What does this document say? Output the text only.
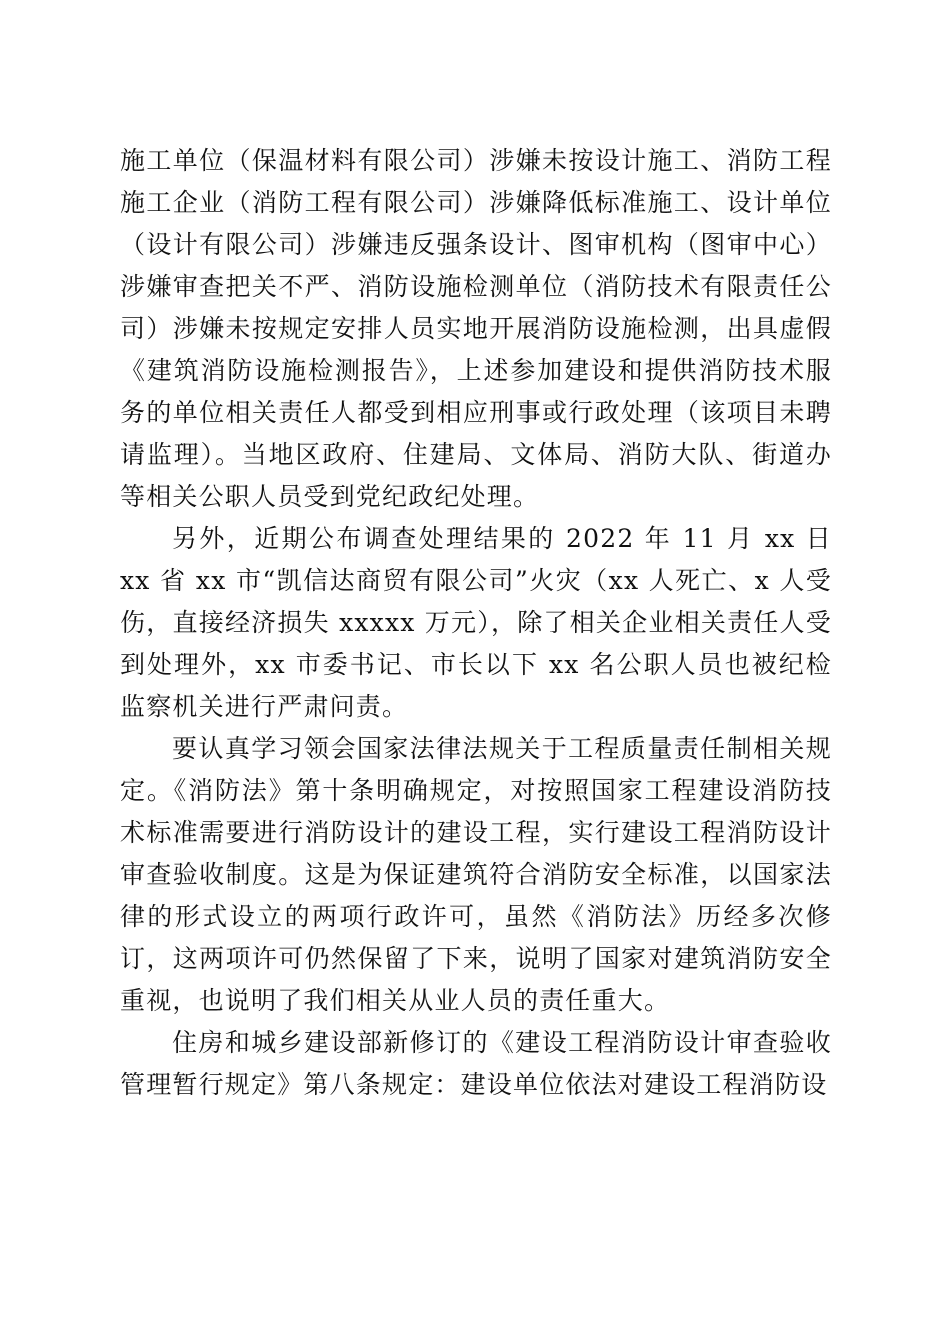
施工单位（保温材料有限公司）涉嫌未按设计施工、消防工程施工企业（消防工程有限公司）涉嫌降低标准施工、设计单位（设计有限公司）涉嫌违反强条设计、图审机构（图审中心）涉嫌审查把关不严、消防设施检测单位（消防技术有限责任公司）涉嫌未按规定安排人员实地开展消防设施检测，出具虚假《建筑消防设施检测报告》，上述参加建设和提供消防技术服务的单位相关责任人都受到相应刑事或行政处理（该项目未聘请监理）。当地区政府、住建局、文体局、消防大队、街道办等相关公职人员受到党纪政纪处理。

另外，近期公布调查处理结果的 2022 年 11 月 xx 日 xx 省 xx 市“凯信达商贸有限公司”火灾（xx 人死亡、x 人受伤，直接经济损失 xxxxx 万元），除了相关企业相关责任人受到处理外，xx 市委书记、市长以下 xx 名公职人员也被纪检监察机关进行严肃问责。

要认真学习领会国家法律法规关于工程质量责任制相关规定。《消防法》第十条明确规定，对按照国家工程建设消防技术标准需要进行消防设计的建设工程，实行建设工程消防设计审查验收制度。这是为保证建筑符合消防安全标准，以国家法律的形式设立的两项行政许可，虽然《消防法》历经多次修订，这两项许可仍然保留了下来，说明了国家对建筑消防安全重视，也说明了我们相关从业人员的责任重大。

住房和城乡建设部新修订的《建设工程消防设计审查验收管理暂行规定》第八条规定：建设单位依法对建设工程消防设
